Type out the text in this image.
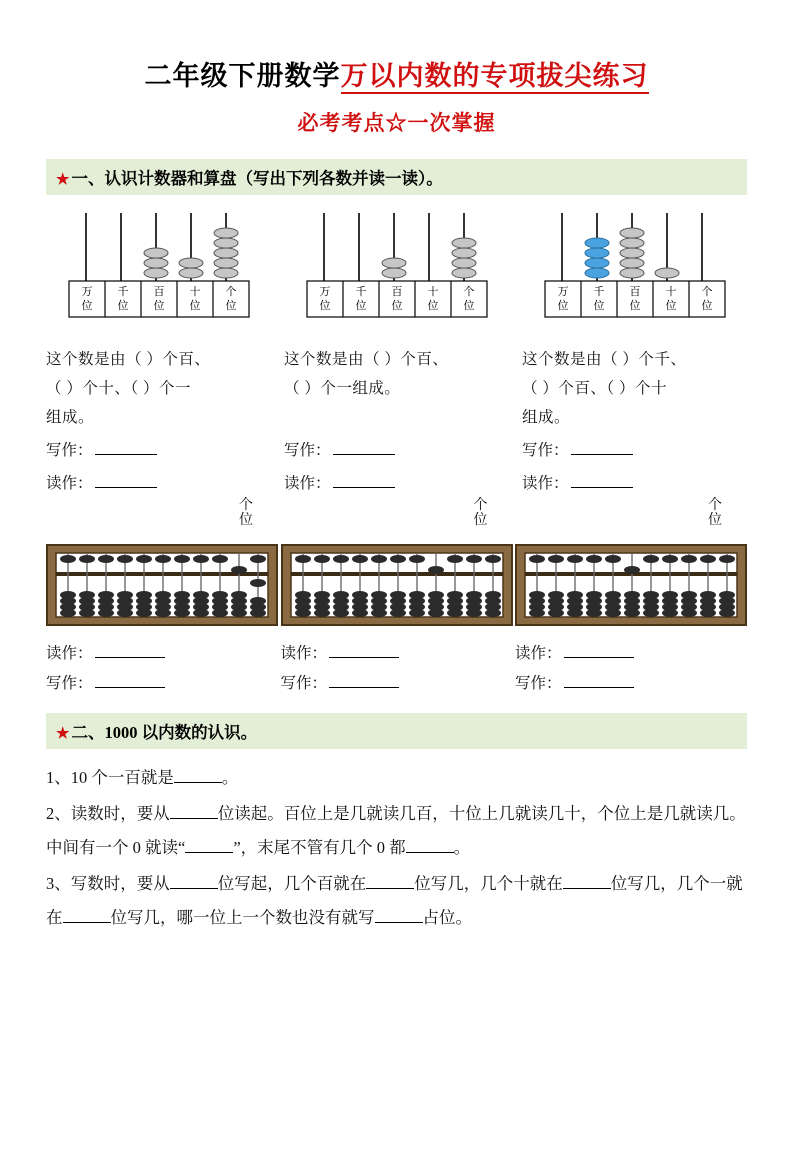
二年级下册数学万以内数的专项拔尖练习
必考考点☆一次掌握
★ 一、认识计数器和算盘（写出下列各数并读一读）。
万
位
千
位
百
位
十
位
个
位
万
位
千
位
百
位
十
位
个
位
万
位
千
位
百
位
十
位
个
位
这个数是由（ ）个百、
（ ）个十、（ ）个一
组成。
写作：
读作：
这个数是由（ ）个百、
（ ）个一组成。
写作：
读作：
这个数是由（ ）个千、
（ ）个百、（ ）个十
组成。
写作：
读作：
个
位
读作：
写作：
个
位
读作：
写作：
个
位
读作：
写作：
★ 二、1000 以内数的认识。

1、10 个一百就是	。

2、读数时，要从	位读起。百位上是几就读几百，十位上几就读几十，个位上是几就读几。中间有一个 0 就读“	”，末尾不管有几个 0 都	。

3、写数时，要从	位写起，几个百就在	位写几，几个十就在	位写几，几个一就在	位写几，哪一位上一个数也没有就写	占位。
